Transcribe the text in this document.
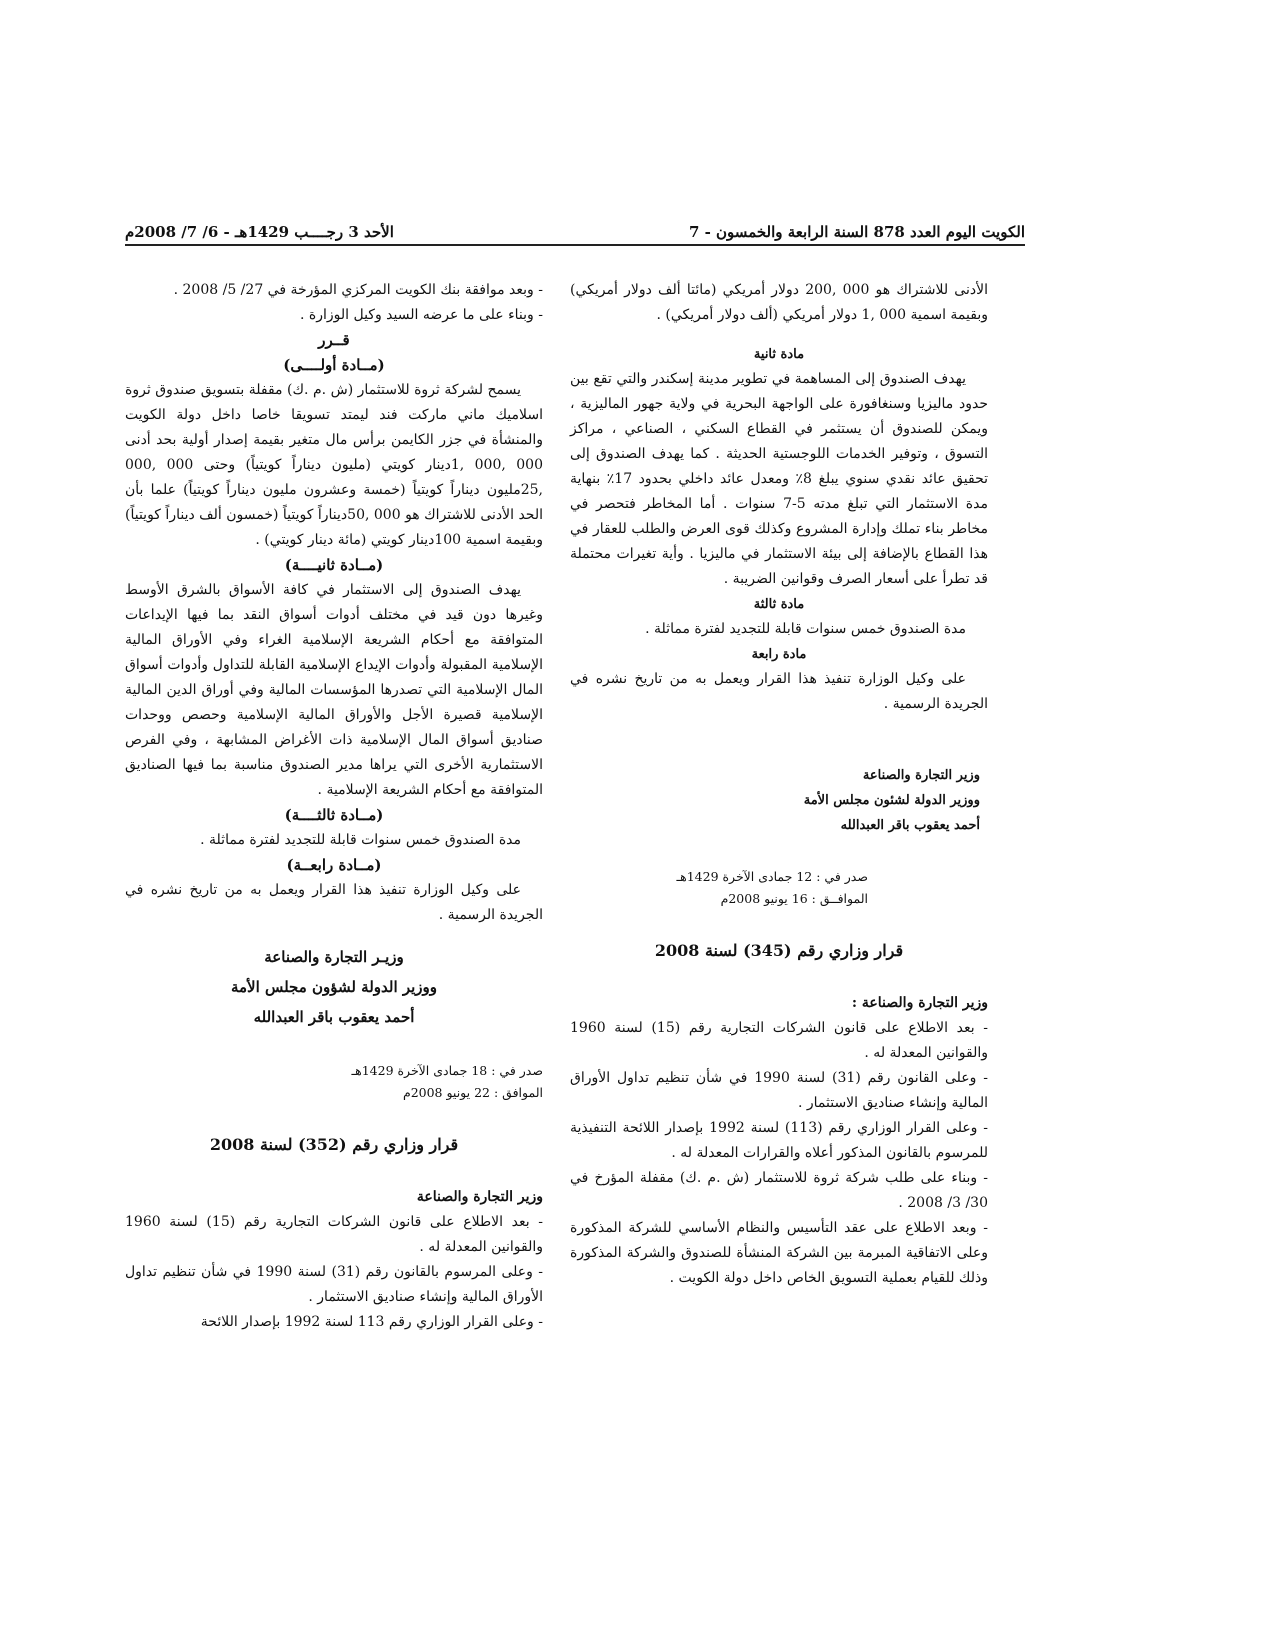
الكويت اليوم العدد 878 السنة الرابعة والخمسون - 7
الأحد 3 رجــــب 1429هـ - 6/ 7/ 2008م

الأدنى للاشتراك هو 000 ,200 دولار أمريكي (مائتا ألف دولار أمريكي) وبقيمة اسمية 000 ,1 دولار أمريكي (ألف دولار أمريكي) .

مادة ثانية

يهدف الصندوق إلى المساهمة في تطوير مدينة إسكندر والتي تقع بين حدود ماليزيا وسنغافورة على الواجهة البحرية في ولاية جهور الماليزية ، ويمكن للصندوق أن يستثمر في القطاع السكني ، الصناعي ، مراكز التسوق ، وتوفير الخدمات اللوجستية الحديثة . كما يهدف الصندوق إلى تحقيق عائد نقدي سنوي يبلغ 8٪ ومعدل عائد داخلي بحدود 17٪ بنهاية مدة الاستثمار التي تبلغ مدته 5-7 سنوات . أما المخاطر فتحصر في مخاطر بناء تملك وإدارة المشروع وكذلك قوى العرض والطلب للعقار في هذا القطاع بالإضافة إلى بيئة الاستثمار في ماليزيا . وأية تغيرات محتملة قد تطرأ على أسعار الصرف وقوانين الضريبة .

مادة ثالثة

مدة الصندوق خمس سنوات قابلة للتجديد لفترة مماثلة .

مادة رابعة

على وكيل الوزارة تنفيذ هذا القرار ويعمل به من تاريخ نشره في الجريدة الرسمية .

وزير التجارة والصناعة

ووزير الدولة لشئون مجلس الأمة

أحمد يعقوب باقر العبدالله

صدر في : 12 جمادى الآخرة 1429هـ

الموافــق : 16 يونيو 2008م

قرار وزاري رقم (345) لسنة 2008

وزير التجارة والصناعة :

- بعد الاطلاع على قانون الشركات التجارية رقم (15) لسنة 1960 والقوانين المعدلة له .

- وعلى القانون رقم (31) لسنة 1990 في شأن تنظيم تداول الأوراق المالية وإنشاء صناديق الاستثمار .

- وعلى القرار الوزاري رقم (113) لسنة 1992 بإصدار اللائحة التنفيذية للمرسوم بالقانون المذكور أعلاه والقرارات المعدلة له .

- وبناء على طلب شركة ثروة للاستثمار (ش .م .ك) مقفلة المؤرخ في 30/ 3/ 2008 .

- وبعد الاطلاع على عقد التأسيس والنظام الأساسي للشركة المذكورة وعلى الاتفاقية المبرمة بين الشركة المنشأة للصندوق والشركة المذكورة وذلك للقيام بعملية التسويق الخاص داخل دولة الكويت .

- وبعد موافقة بنك الكويت المركزي المؤرخة في 27/ 5/ 2008 .

- وبناء على ما عرضه السيد وكيل الوزارة .

قــرر

(مــادة أولــــى)

يسمح لشركة ثروة للاستثمار (ش .م .ك) مقفلة بتسويق صندوق ثروة اسلاميك ماني ماركت فند ليمتد تسويقا خاصا داخل دولة الكويت والمنشأة في جزر الكايمن برأس مال متغير بقيمة إصدار أولية بحد أدنى 000 ,000 ,1دينار كويتي (مليون ديناراً كويتياً) وحتى 000 ,000 ,25مليون ديناراً كويتياً (خمسة وعشرون مليون ديناراً كويتياً) علما بأن الحد الأدنى للاشتراك هو 000 ,50ديناراً كويتياً (خمسون ألف ديناراً كويتياً) وبقيمة اسمية 100دينار كويتي (مائة دينار كويتي) .

(مــادة ثانيــــة)

يهدف الصندوق إلى الاستثمار في كافة الأسواق بالشرق الأوسط وغيرها دون قيد في مختلف أدوات أسواق النقد بما فيها الإيداعات المتوافقة مع أحكام الشريعة الإسلامية الغراء وفي الأوراق المالية الإسلامية المقبولة وأدوات الإيداع الإسلامية القابلة للتداول وأدوات أسواق المال الإسلامية التي تصدرها المؤسسات المالية وفي أوراق الدين المالية الإسلامية قصيرة الأجل والأوراق المالية الإسلامية وحصص ووحدات صناديق أسواق المال الإسلامية ذات الأغراض المشابهة ، وفي الفرص الاستثمارية الأخرى التي يراها مدير الصندوق مناسبة بما فيها الصناديق المتوافقة مع أحكام الشريعة الإسلامية .

(مــادة ثالثــــة)

مدة الصندوق خمس سنوات قابلة للتجديد لفترة مماثلة .

(مــادة رابعــة)

على وكيل الوزارة تنفيذ هذا القرار ويعمل به من تاريخ نشره في الجريدة الرسمية .

وزيـر التجارة والصناعة

ووزير الدولة لشؤون مجلس الأمة

أحمد يعقوب باقر العبدالله

صدر في : 18 جمادى الآخرة 1429هـ

الموافق : 22 يونيو 2008م

قرار وزاري رقم (352) لسنة 2008

وزير التجارة والصناعة

- بعد الاطلاع على قانون الشركات التجارية رقم (15) لسنة 1960 والقوانين المعدلة له .

- وعلى المرسوم بالقانون رقم (31) لسنة 1990 في شأن تنظيم تداول الأوراق المالية وإنشاء صناديق الاستثمار .

- وعلى القرار الوزاري رقم 113 لسنة 1992 بإصدار اللائحة
